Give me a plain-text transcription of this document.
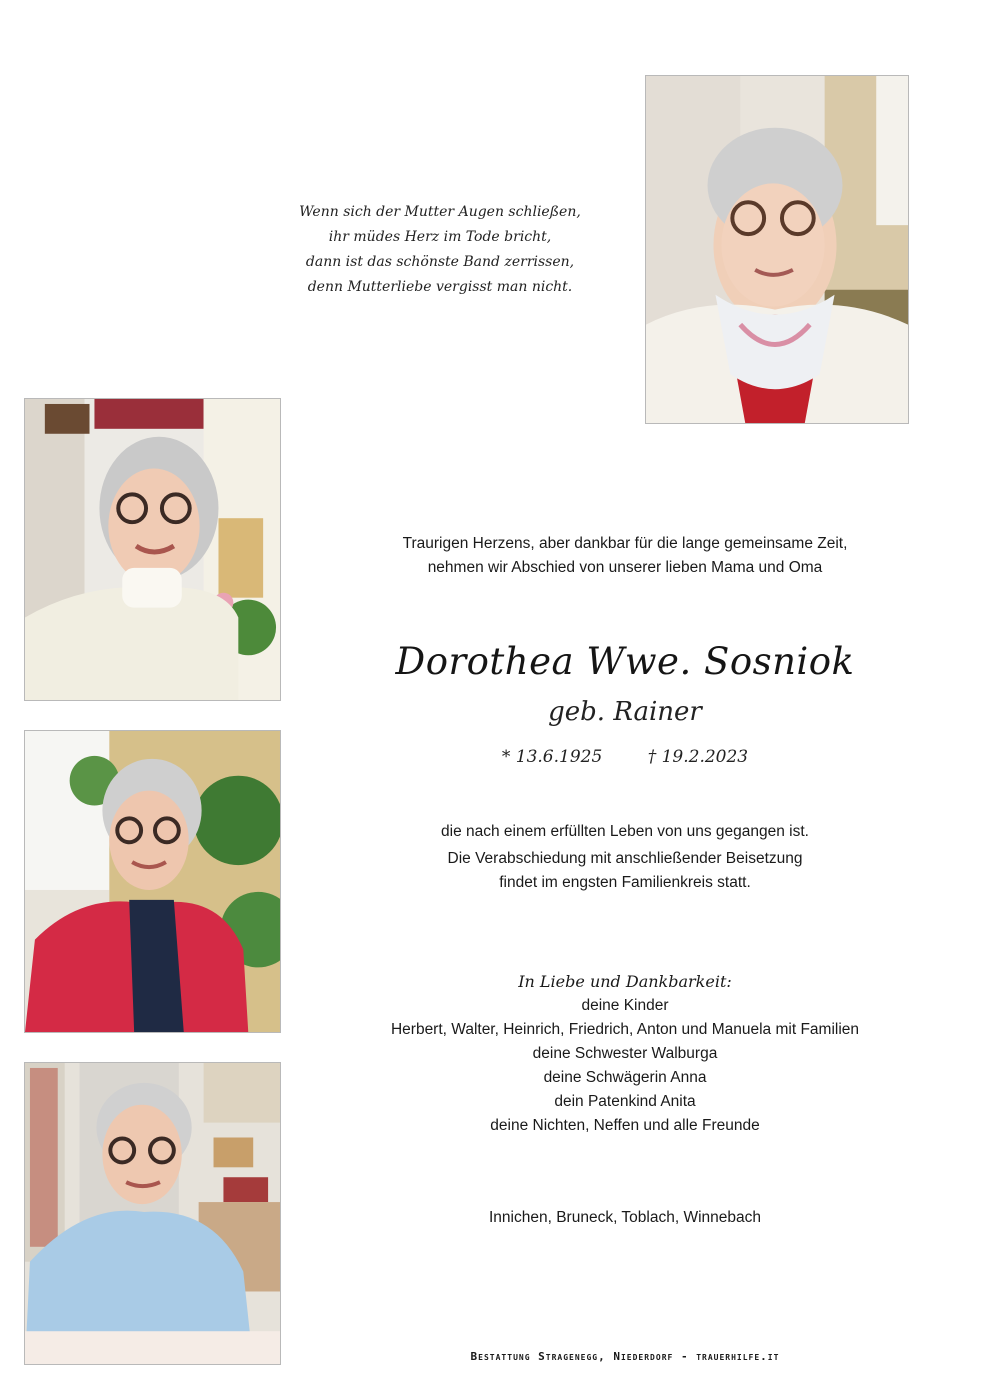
Wenn sich der Mutter Augen schließen,
ihr müdes Herz im Tode bricht,
dann ist das schönste Band zerrissen,
denn Mutterliebe vergisst man nicht.
Traurigen Herzens, aber dankbar für die lange gemeinsame Zeit,
nehmen wir Abschied von unserer lieben Mama und Oma
Dorothea Wwe. Sosniok
geb. Rainer
* 13.6.1925	† 19.2.2023

die nach einem erfüllten Leben von uns gegangen ist.

Die Verabschiedung mit anschließender Beisetzung
findet im engsten Familienkreis statt.

In Liebe und Dankbarkeit:
deine Kinder
Herbert, Walter, Heinrich, Friedrich, Anton und Manuela mit Familien
deine Schwester Walburga
deine Schwägerin Anna
dein Patenkind Anita
deine Nichten, Neffen und alle Freunde
Innichen, Bruneck, Toblach, Winnebach
Bestattung Stragenegg, Niederdorf - trauerhilfe.it
